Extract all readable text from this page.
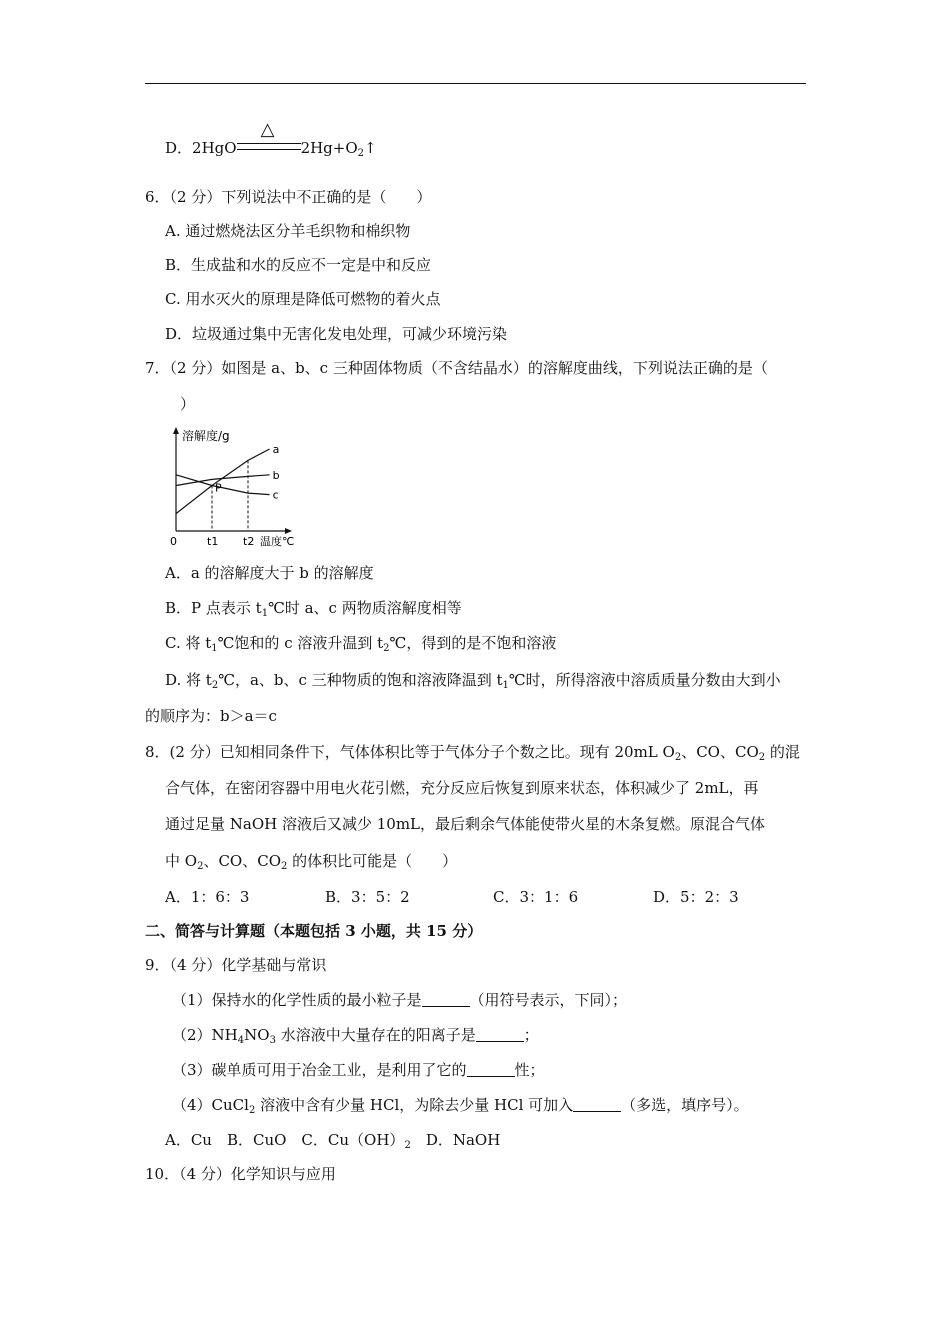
D．2HgO
△
$2Hg+O_2↑$
6．（2 分）下列说法中不正确的是（　　）
A. 通过燃烧法区分羊毛织物和棉织物
B．生成盐和水的反应不一定是中和反应
C. 用水灭火的原理是降低可燃物的着火点
D．垃圾通过集中无害化发电处理，可减少环境污染
7．（2 分）如图是 a、b、c 三种固体物质（不含结晶水）的溶解度曲线，下列说法正确的是（
）
溶解度/g
温度℃
0	t1 t2
a
b
c
P
A．a 的溶解度大于 b 的溶解度
B．P 点表示 $t_1℃$时 a、c 两物质溶解度相等
C. 将 $t_1℃$饱和的 c 溶液升温到 $t_2℃$，得到的是不饱和溶液
D. 将 $t_2℃$，a、b、c 三种物质的饱和溶液降温到 $t_1℃$时，所得溶液中溶质质量分数由大到小
的顺序为：b＞a＝c
8．(2 分）已知相同条件下，气体体积比等于气体分子个数之比。现有 20mL $O_2$、CO、$CO_2$ 的混
合气体，在密闭容器中用电火花引燃，充分反应后恢复到原来状态，体积减少了 2mL，再
通过足量 NaOH 溶液后又减少 10mL，最后剩余气体能使带火星的木条复燃。原混合气体
中 $O_2$、CO、$CO_2$ 的体积比可能是（　　）
A．1：6：3	B．3：5：2	C．3：1：6	D．5：2：3
二、简答与计算题（本题包括 3 小题，共 15 分）
9．（4 分）化学基础与常识
（1）保持水的化学性质的最小粒子是	（用符号表示，下同）；
$(2)NH_4NO_3$ 水溶液中大量存在的阳离子是	；
（3）碳单质可用于冶金工业，是利用了它的	性；
（4）CuCl$_2$ 溶液中含有少量 HCl，为除去少量 HCl 可加入	（多选，填序号）。
A．Cu　B．CuO　C．$Cu(OH)_2$　D．NaOH
10．（4 分）化学知识与应用
